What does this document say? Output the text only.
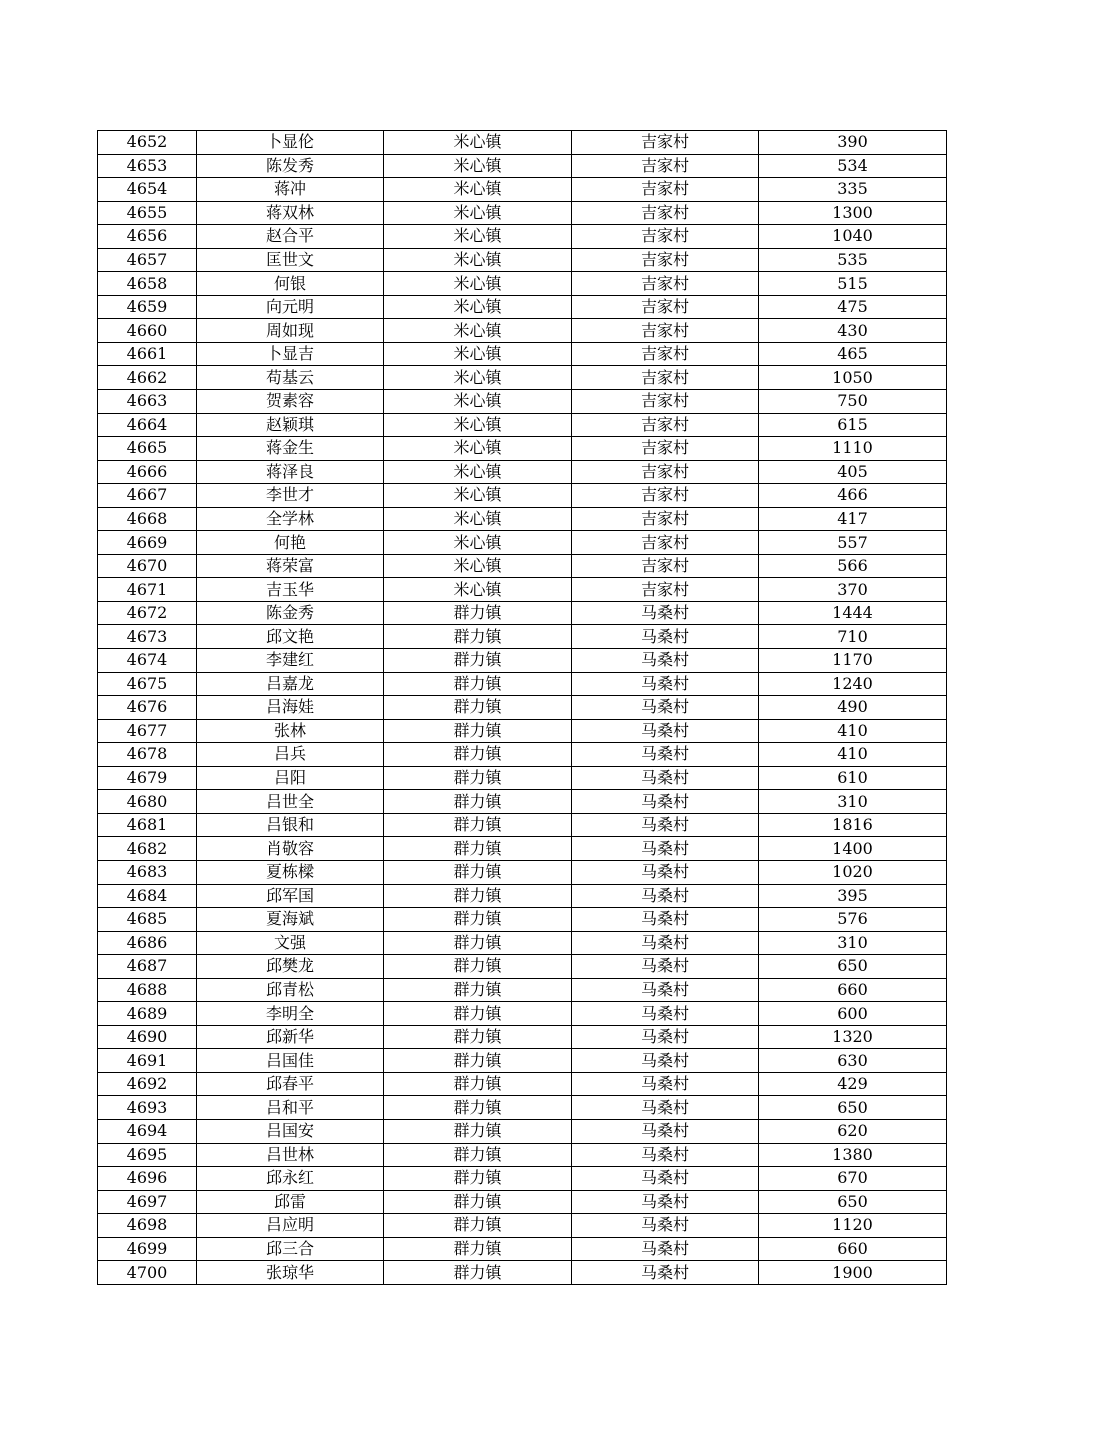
4652	卜显伦	米心镇	吉家村	390
4653	陈发秀	米心镇	吉家村	534
4654	蒋冲	米心镇	吉家村	335
4655	蒋双林	米心镇	吉家村	1300
4656	赵合平	米心镇	吉家村	1040
4657	匡世文	米心镇	吉家村	535
4658	何银	米心镇	吉家村	515
4659	向元明	米心镇	吉家村	475
4660	周如现	米心镇	吉家村	430
4661	卜显吉	米心镇	吉家村	465
4662	苟基云	米心镇	吉家村	1050
4663	贺素容	米心镇	吉家村	750
4664	赵颖琪	米心镇	吉家村	615
4665	蒋金生	米心镇	吉家村	1110
4666	蒋泽良	米心镇	吉家村	405
4667	李世才	米心镇	吉家村	466
4668	全学林	米心镇	吉家村	417
4669	何艳	米心镇	吉家村	557
4670	蒋荣富	米心镇	吉家村	566
4671	吉玉华	米心镇	吉家村	370
4672	陈金秀	群力镇	马桑村	1444
4673	邱文艳	群力镇	马桑村	710
4674	李建红	群力镇	马桑村	1170
4675	吕嘉龙	群力镇	马桑村	1240
4676	吕海娃	群力镇	马桑村	490
4677	张林	群力镇	马桑村	410
4678	吕兵	群力镇	马桑村	410
4679	吕阳	群力镇	马桑村	610
4680	吕世全	群力镇	马桑村	310
4681	吕银和	群力镇	马桑村	1816
4682	肖敬容	群力镇	马桑村	1400
4683	夏栋樑	群力镇	马桑村	1020
4684	邱军国	群力镇	马桑村	395
4685	夏海斌	群力镇	马桑村	576
4686	文强	群力镇	马桑村	310
4687	邱樊龙	群力镇	马桑村	650
4688	邱青松	群力镇	马桑村	660
4689	李明全	群力镇	马桑村	600
4690	邱新华	群力镇	马桑村	1320
4691	吕国佳	群力镇	马桑村	630
4692	邱春平	群力镇	马桑村	429
4693	吕和平	群力镇	马桑村	650
4694	吕国安	群力镇	马桑村	620
4695	吕世林	群力镇	马桑村	1380
4696	邱永红	群力镇	马桑村	670
4697	邱雷	群力镇	马桑村	650
4698	吕应明	群力镇	马桑村	1120
4699	邱三合	群力镇	马桑村	660
4700	张琼华	群力镇	马桑村	1900
